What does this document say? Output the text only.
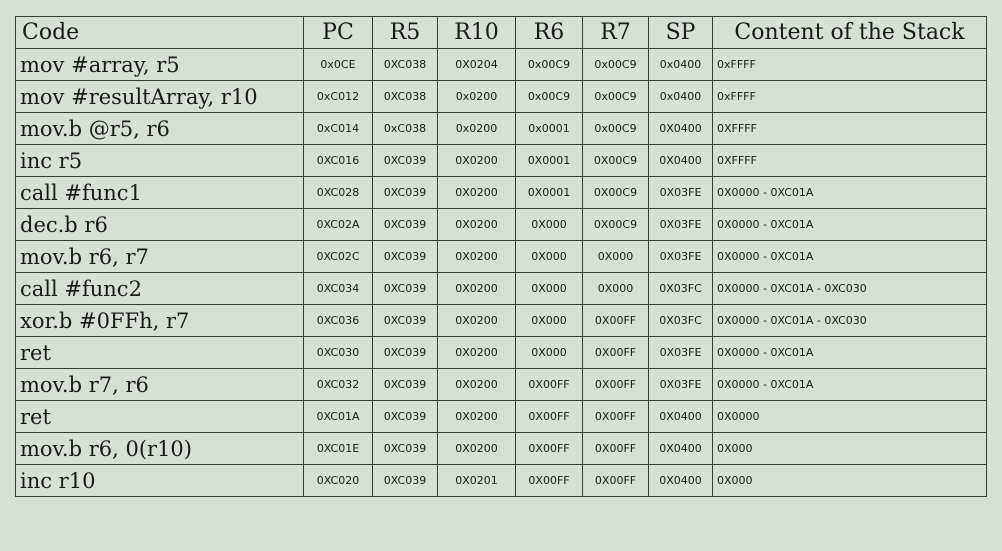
Code	PC	R5	R10	R6	R7	SP	Content of the Stack
mov #array, r5	0x0CE	0XC038	0X0204	0x00C9	0x00C9	0x0400	0xFFFF
mov #resultArray, r10	0xC012	0XC038	0x0200	0x00C9	0x00C9	0x0400	0xFFFF
mov.b @r5, r6	0xC014	0xC038	0x0200	0x0001	0x00C9	0X0400	0XFFFF
inc r5	0XC016	0XC039	0X0200	0X0001	0X00C9	0X0400	0XFFFF
call #func1	0XC028	0XC039	0X0200	0X0001	0X00C9	0X03FE	0X0000 - 0XC01A
dec.b r6	0XC02A	0XC039	0X0200	0X000	0X00C9	0X03FE	0X0000 - 0XC01A
mov.b r6, r7	0XC02C	0XC039	0X0200	0X000	0X000	0X03FE	0X0000 - 0XC01A
call #func2	0XC034	0XC039	0X0200	0X000	0X000	0X03FC	0X0000 - 0XC01A - 0XC030
xor.b #0FFh, r7	0XC036	0XC039	0X0200	0X000	0X00FF	0X03FC	0X0000 - 0XC01A - 0XC030
ret	0XC030	0XC039	0X0200	0X000	0X00FF	0X03FE	0X0000 - 0XC01A
mov.b r7, r6	0XC032	0XC039	0X0200	0X00FF	0X00FF	0X03FE	0X0000 - 0XC01A
ret	0XC01A	0XC039	0X0200	0X00FF	0X00FF	0X0400	0X0000
mov.b r6, 0(r10)	0XC01E	0XC039	0X0200	0X00FF	0X00FF	0X0400	0X000
inc r10	0XC020	0XC039	0X0201	0X00FF	0X00FF	0X0400	0X000
